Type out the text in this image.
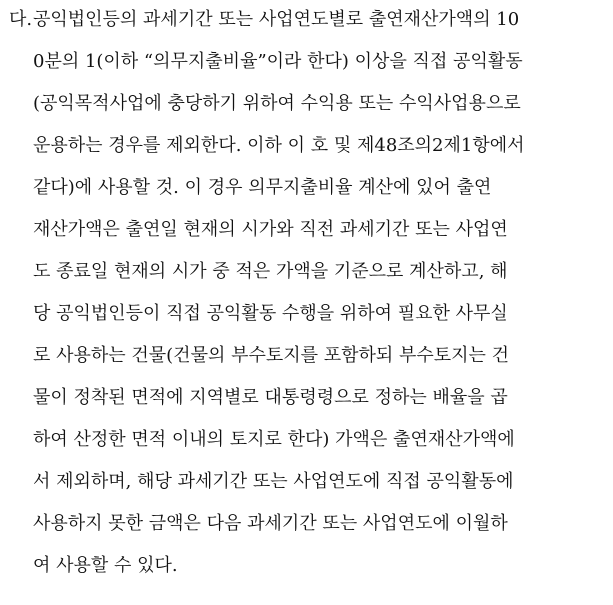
다. 공익법인등의 과세기간 또는 사업연도별로 출연재산가액의 10
0분의 1(이하 “의무지출비율”이라 한다) 이상을 직접 공익활동
(공익목적사업에 충당하기 위하여 수익용 또는 수익사업용으로
운용하는 경우를 제외한다. 이하 이 호 및 제48조의2제1항에서
같다)에 사용할 것. 이 경우 의무지출비율 계산에 있어 출연
재산가액은 출연일 현재의 시가와 직전 과세기간 또는 사업연
도 종료일 현재의 시가 중 적은 가액을 기준으로 계산하고, 해
당 공익법인등이 직접 공익활동 수행을 위하여 필요한 사무실
로 사용하는 건물(건물의 부수토지를 포함하되 부수토지는 건
물이 정착된 면적에 지역별로 대통령령으로 정하는 배율을 곱
하여 산정한 면적 이내의 토지로 한다) 가액은 출연재산가액에
서 제외하며, 해당 과세기간 또는 사업연도에 직접 공익활동에
사용하지 못한 금액은 다음 과세기간 또는 사업연도에 이월하
여 사용할 수 있다.
